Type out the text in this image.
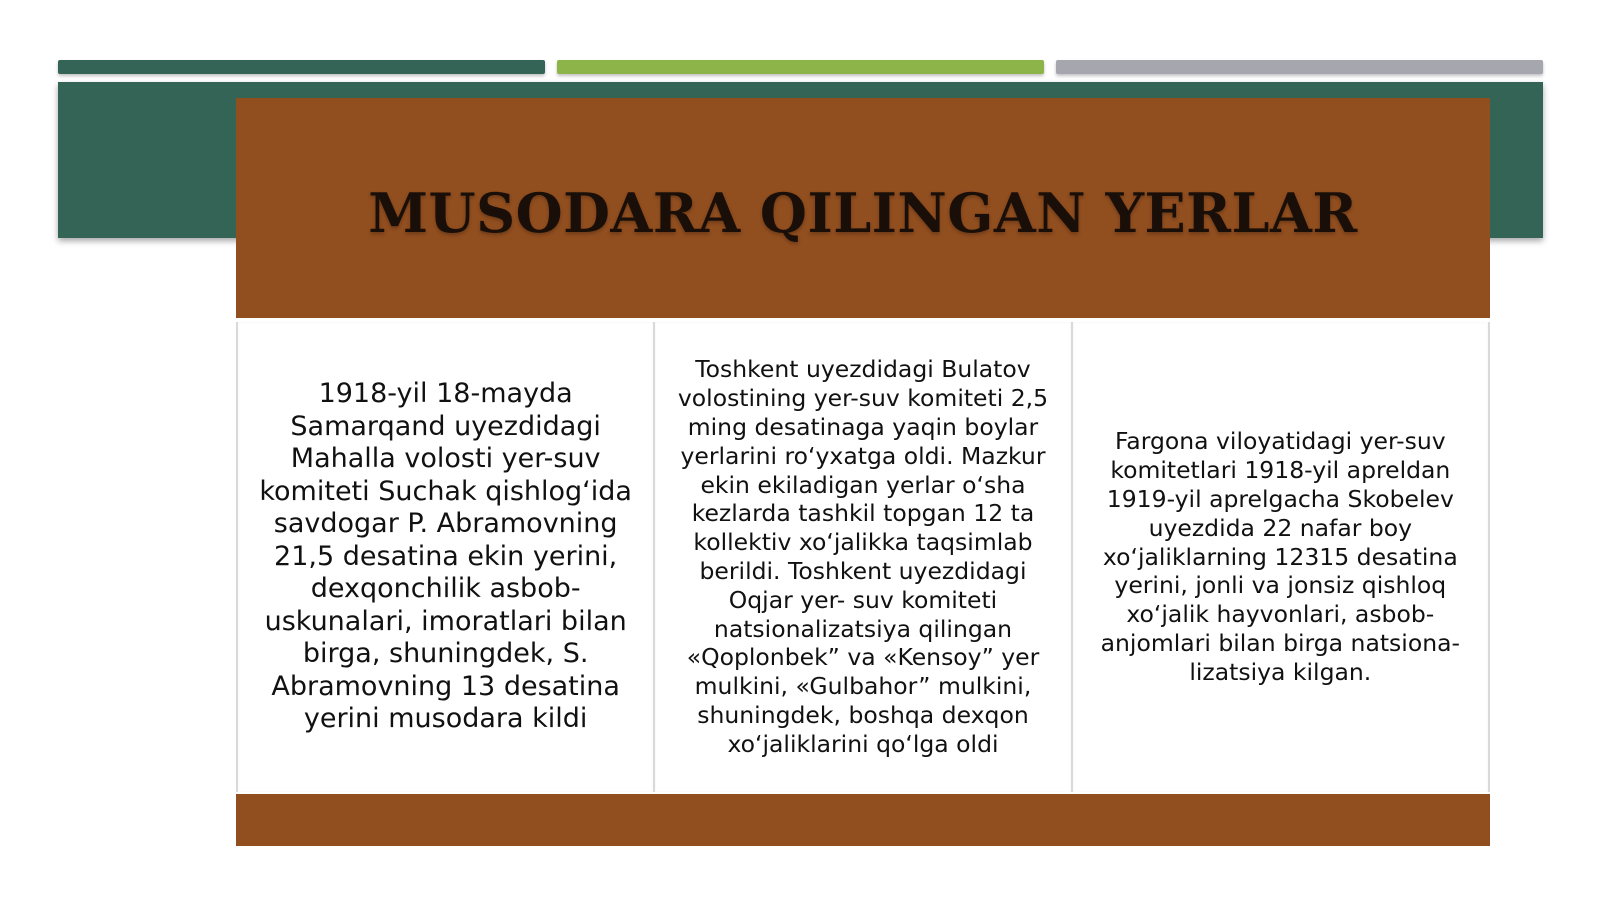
MUSODARA QILINGAN YERLAR

1918-yil 18-mayda Samarqand uyezdidagi Mahalla volosti yer-suv komiteti Suchak qishlog‘ida savdogar P. Abramovning 21,5 desatina ekin yerini, dexqonchilik asbob-uskunalari, imoratlari bilan birga, shuningdek, S. Abramovning 13 desatina yerini musodara kildi

Toshkent uyezdidagi Bulatov volostining yer-suv komiteti 2,5 ming desatinaga yaqin boylar yerlarini ro‘yxatga oldi. Mazkur ekin ekiladigan yerlar o‘sha kezlarda tashkil topgan 12 ta kollektiv xo‘jalikka taqsimlab berildi. Toshkent uyezdidagi Oqjar yer- suv komiteti natsionalizatsiya qilingan «Qoplonbek” va «Kensoy” yer mulkini, «Gulbahor” mulkini, shuningdek, boshqa dexqon xo‘jaliklarini qo‘lga oldi

Fargona viloyatidagi yer-suv komitetlari 1918-yil apreldan 1919-yil aprelgacha Skobelev uyezdida 22 nafar boy xo‘jaliklarning 12315 desatina yerini, jonli va jonsiz qishloq xo‘jalik hayvonlari, asbob-anjomlari bilan birga natsiona-lizatsiya kilgan.
